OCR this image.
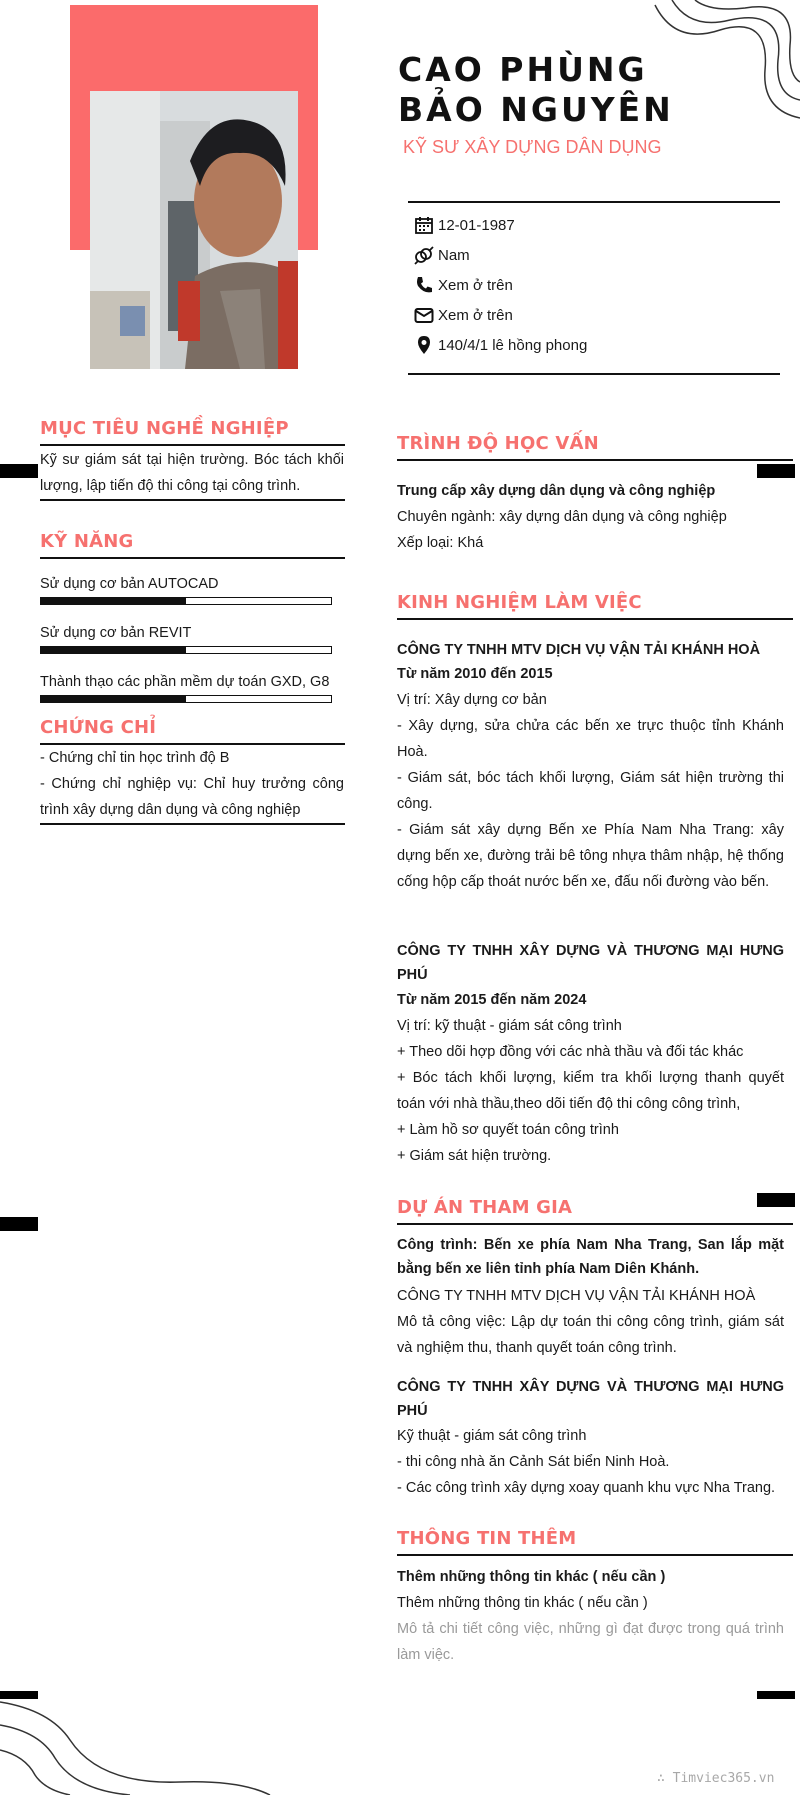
CAO PHÙNG BẢO NGUYÊN
KỸ SƯ XÂY DỰNG DÂN DỤNG
12-01-1987
Nam
Xem ở trên
Xem ở trên
140/4/1 lê hồng phong
MỤC TIÊU NGHỀ NGHIỆP
Kỹ sư giám sát tại hiện trường. Bóc tách khối lượng, lập tiến độ thi công tại công trình.
KỸ NĂNG
Sử dụng cơ bản AUTOCAD
Sử dụng cơ bản REVIT
Thành thạo các phần mềm dự toán GXD, G8
CHỨNG CHỈ
- Chứng chỉ tin học trình độ B
- Chứng chỉ nghiệp vụ: Chỉ huy trưởng công trình xây dựng dân dụng và công nghiệp
TRÌNH ĐỘ HỌC VẤN
Trung cấp xây dựng dân dụng và công nghiệp
Chuyên ngành: xây dựng dân dụng và công nghiệp
Xếp loại: Khá
KINH NGHIỆM LÀM VIỆC
CÔNG TY TNHH MTV DỊCH VỤ VẬN TẢI KHÁNH HOÀ
Từ năm 2010 đến 2015
Vị trí: Xây dựng cơ bản
- Xây dựng, sửa chửa các bến xe trực thuộc tỉnh Khánh Hoà.
- Giám sát, bóc tách khối lượng, Giám sát hiện trường thi công.
- Giám sát xây dựng Bến xe Phía Nam Nha Trang: xây dựng bến xe, đường trải bê tông nhựa thâm nhập, hệ thống cống hộp cấp thoát nước bến xe, đấu nối đường vào bến.
CÔNG TY TNHH XÂY DỰNG VÀ THƯƠNG MẠI HƯNG PHÚ
Từ năm 2015 đến năm 2024
Vị trí: kỹ thuật - giám sát công trình
+ Theo dõi hợp đồng với các nhà thầu và đối tác khác
+ Bóc tách khối lượng, kiểm tra khối lượng thanh quyết toán với nhà thầu,theo dõi tiến độ thi công công trình,
+ Làm hồ sơ quyết toán công trình
+ Giám sát hiện trường.
DỰ ÁN THAM GIA
Công trình: Bến xe phía Nam Nha Trang, San lắp mặt bằng bến xe liên tỉnh phía Nam Diên Khánh.
CÔNG TY TNHH MTV DỊCH VỤ VẬN TẢI KHÁNH HOÀ
Mô tả công việc: Lập dự toán thi công công trình, giám sát và nghiệm thu, thanh quyết toán công trình.
CÔNG TY TNHH XÂY DỰNG VÀ THƯƠNG MẠI HƯNG PHÚ
Kỹ thuật - giám sát công trình
- thi công nhà ăn Cảnh Sát biển Ninh Hoà.
- Các công trình xây dựng xoay quanh khu vực Nha Trang.
THÔNG TIN THÊM
Thêm những thông tin khác ( nếu cần )
Thêm những thông tin khác ( nếu cần )
Mô tả chi tiết công việc, những gì đạt được trong quá trình làm việc.
∴ Timviec365.vn
